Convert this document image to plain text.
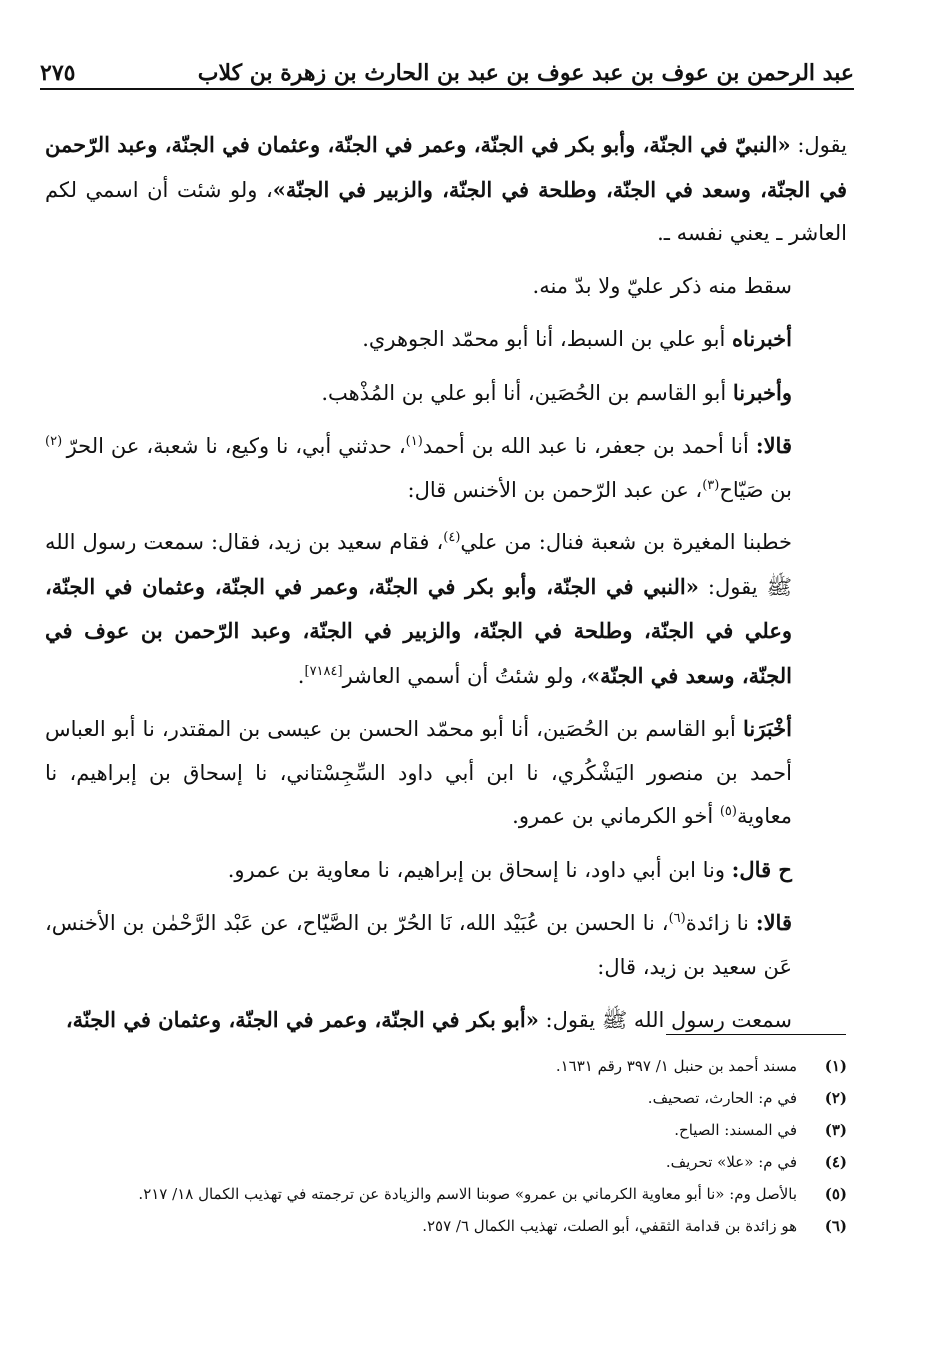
عبد الرحمن بن عوف بن عبد عوف بن عبد بن الحارث بن زهرة بن كلاب
٢٧٥

يقول: «النبيّ في الجنّة، وأبو بكر في الجنّة، وعمر في الجنّة، وعثمان في الجنّة، وعبد الرّحمن في الجنّة، وسعد في الجنّة، وطلحة في الجنّة، والزبير في الجنّة»، ولو شئت أن اسمي لكم العاشر ـ يعني نفسه ـ.

سقط منه ذكر عليّ ولا بدّ منه.

أخبرناه أبو علي بن السبط، أنا أبو محمّد الجوهري.

وأخبرنا أبو القاسم بن الحُصَين، أنا أبو علي بن المُذْهب.

قالا: أنا أحمد بن جعفر، نا عبد الله بن أحمد$^{(١)}$، حدثني أبي، نا وكيع، نا شعبة، عن الحرّ $^{(٢)}$ بن صَيّاح$^{(٣)}$، عن عبد الرّحمن بن الأخنس قال:

خطبنا المغيرة بن شعبة فنال: من علي$^{(٤)}$، فقام سعيد بن زيد، فقال: سمعت رسول الله ﷺ يقول: «النبي في الجنّة، وأبو بكر في الجنّة، وعمر في الجنّة، وعثمان في الجنّة، وعلي في الجنّة، وطلحة في الجنّة، والزبير في الجنّة، وعبد الرّحمن بن عوف في الجنّة، وسعد في الجنّة»، ولو شئتُ أن أسمي العاشر[٧١٨٤].

أخْبَرَنا أبو القاسم بن الحُصَين، أنا أبو محمّد الحسن بن عيسى بن المقتدر، نا أبو العباس أحمد بن منصور اليَشْكُري، نا ابن أبي داود السِّجِسْتاني، نا إسحاق بن إبراهيم، نا معاوية$^{(٥)}$ أخو الكرماني بن عمرو.

ح قال: ونا ابن أبي داود، نا إسحاق بن إبراهيم، نا معاوية بن عمرو.

قالا: نا زائدة$^{(٦)}$، نا الحسن بن عُبَيْد الله، نَا الحُرّ بن الصَّيّاح، عن عَبْد الرَّحْمٰن بن الأخنس، عَن سعيد بن زيد، قال:

سمعت رسول الله ﷺ يقول: «أبو بكر في الجنّة، وعمر في الجنّة، وعثمان في الجنّة،

(١)
مسند أحمد بن حنبل ١/ ٣٩٧ رقم ١٦٣١.
(٢)
في م: الحارث، تصحيف.
(٣)
في المسند: الصياح.
(٤)
في م: «علا» تحريف.
(٥)
بالأصل وم: «نا أبو معاوية الكرماني بن عمرو» صوبنا الاسم والزيادة عن ترجمته في تهذيب الكمال ١٨/ ٢١٧.
(٦)
هو زائدة بن قدامة الثقفي، أبو الصلت، تهذيب الكمال ٦/ ٢٥٧.
